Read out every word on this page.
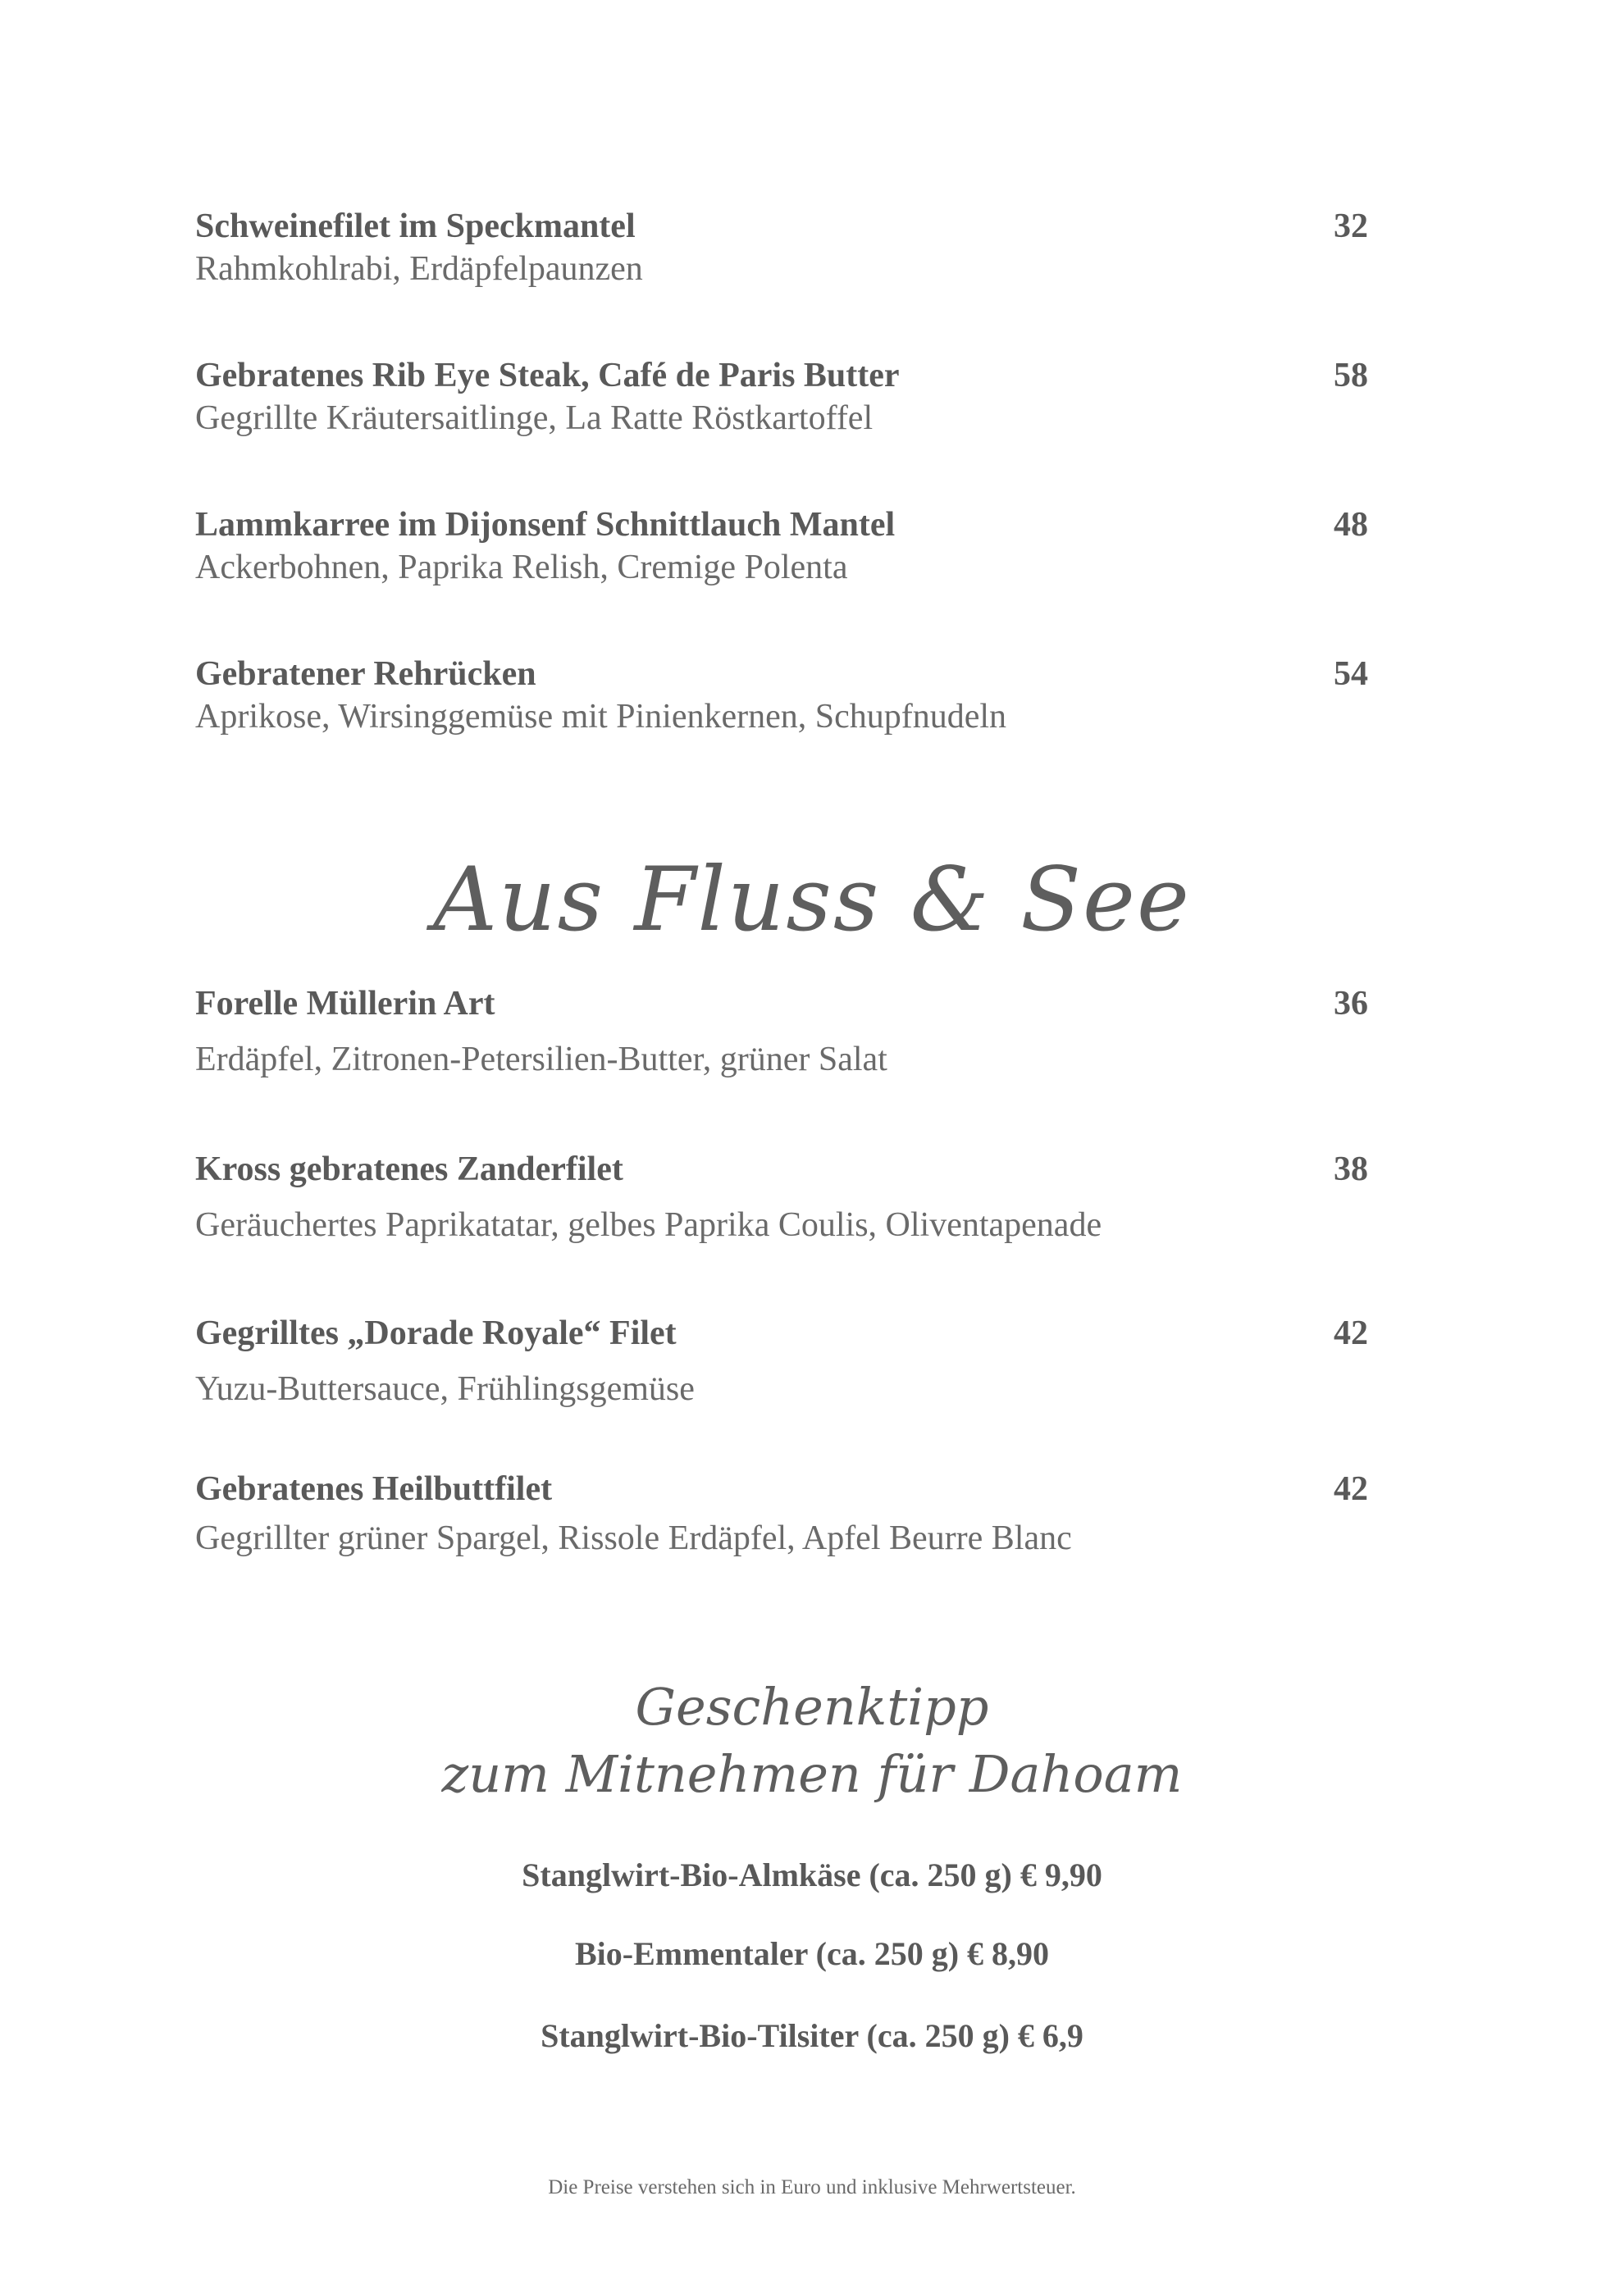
Schweinefilet im Speckmantel	32
Rahmkohlrabi, Erdäpfelpaunzen
Gebratenes Rib Eye Steak, Café de Paris Butter	58
Gegrillte Kräutersaitlinge, La Ratte Röstkartoffel
Lammkarree im Dijonsenf Schnittlauch Mantel	48
Ackerbohnen, Paprika Relish, Cremige Polenta
Gebratener Rehrücken	54
Aprikose, Wirsinggemüse mit Pinienkernen, Schupfnudeln
Aus Fluss & See
Forelle Müllerin Art	36
Erdäpfel, Zitronen-Petersilien-Butter, grüner Salat
Kross gebratenes Zanderfilet	38
Geräuchertes Paprikatatar, gelbes Paprika Coulis, Oliventapenade
Gegrilltes „Dorade Royale“ Filet	42
Yuzu-Buttersauce, Frühlingsgemüse
Gebratenes Heilbuttfilet	42
Gegrillter grüner Spargel, Rissole Erdäpfel, Apfel Beurre Blanc
Geschenktipp
zum Mitnehmen für Dahoam
Stanglwirt-Bio-Almkäse (ca. 250 g) € 9,90
Bio-Emmentaler (ca. 250 g) € 8,90
Stanglwirt-Bio-Tilsiter (ca. 250 g) € 6,9
Die Preise verstehen sich in Euro und inklusive Mehrwertsteuer.
